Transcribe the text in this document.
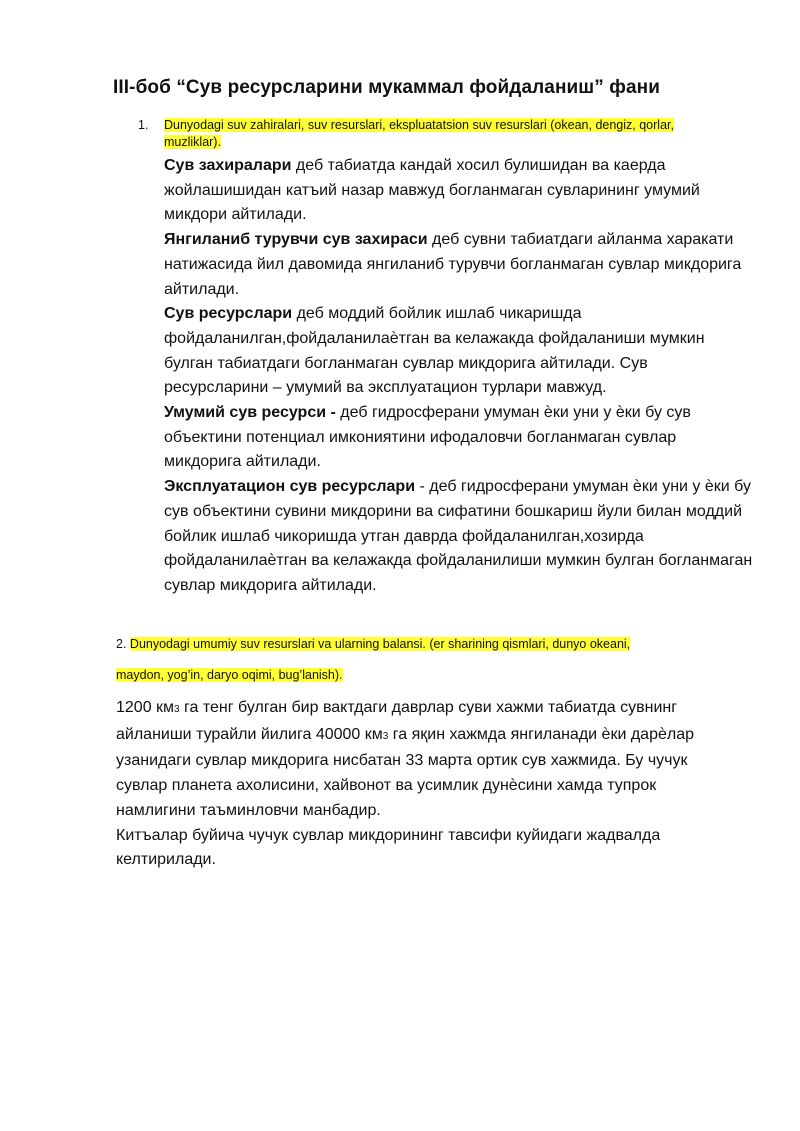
ІІІ-боб “Сув ресурсларини мукаммал фойдаланиш” фани
1. Dunyodagi suv zahiralari, suv resurslari, ekspluatatsion suv resurslari (okean, dengiz, qorlar, muzliklar).

Сув захиралари деб табиатда кандай хосил булишидан ва каерда жойлашишидан катъий назар мавжуд богланмаган сувларининг умумий микдори айтилади.

Янгиланиб турувчи сув захираси деб сувни табиатдаги айланма харакати натижасида йил давомида янгиланиб турувчи богланмаган сувлар микдорига айтилади.

Сув ресурслари деб моддий бойлик ишлаб чикаришда фойдаланилган,фойдаланилаѐтган ва келажакда фойдаланиши мумкин булган табиатдаги богланмаган сувлар микдорига айтилади. Сув ресурсларини – умумий ва эксплуатацион турлари мавжуд.

Умумий сув ресурси - деб гидросферани умуман ѐки уни у ѐки бу сув объектини потенциал имкониятини ифодаловчи богланмаган сувлар микдорига айтилади.

Эксплуатацион сув ресурслари - деб гидросферани умуман ѐки уни у ѐки бу сув объектини сувини микдорини ва сифатини бошкариш йули билан моддий бойлик ишлаб чикоришда утган даврда фойдаланилган,хозирда фойдаланилаѐтган ва келажакда фойдаланилиши мумкин булган богланмаган сувлар микдорига айтилади.

2. Dunyodagi umumiy suv resurslari va ularning balansi. (er sharining qismlari, dunyo okeani,
maydon, yog’in, daryo oqimi, bug’lanish).

1200 км3 га тенг булган бир вактдаги даврлар суви хажми табиатда сувнинг айланиши турайли йилига 40000 км3 га яқин хажмда янгиланади ѐки дарѐлар узанидаги сувлар микдорига нисбатан 33 марта ортик сув хажмида. Бу чучук сувлар планета ахолисини, хайвонот ва усимлик дунѐсини хамда тупрок намлигини таъминловчи манбадир.

Китъалар буйича чучук сувлар микдорининг тавсифи куйидаги жадвалда келтирилади.
